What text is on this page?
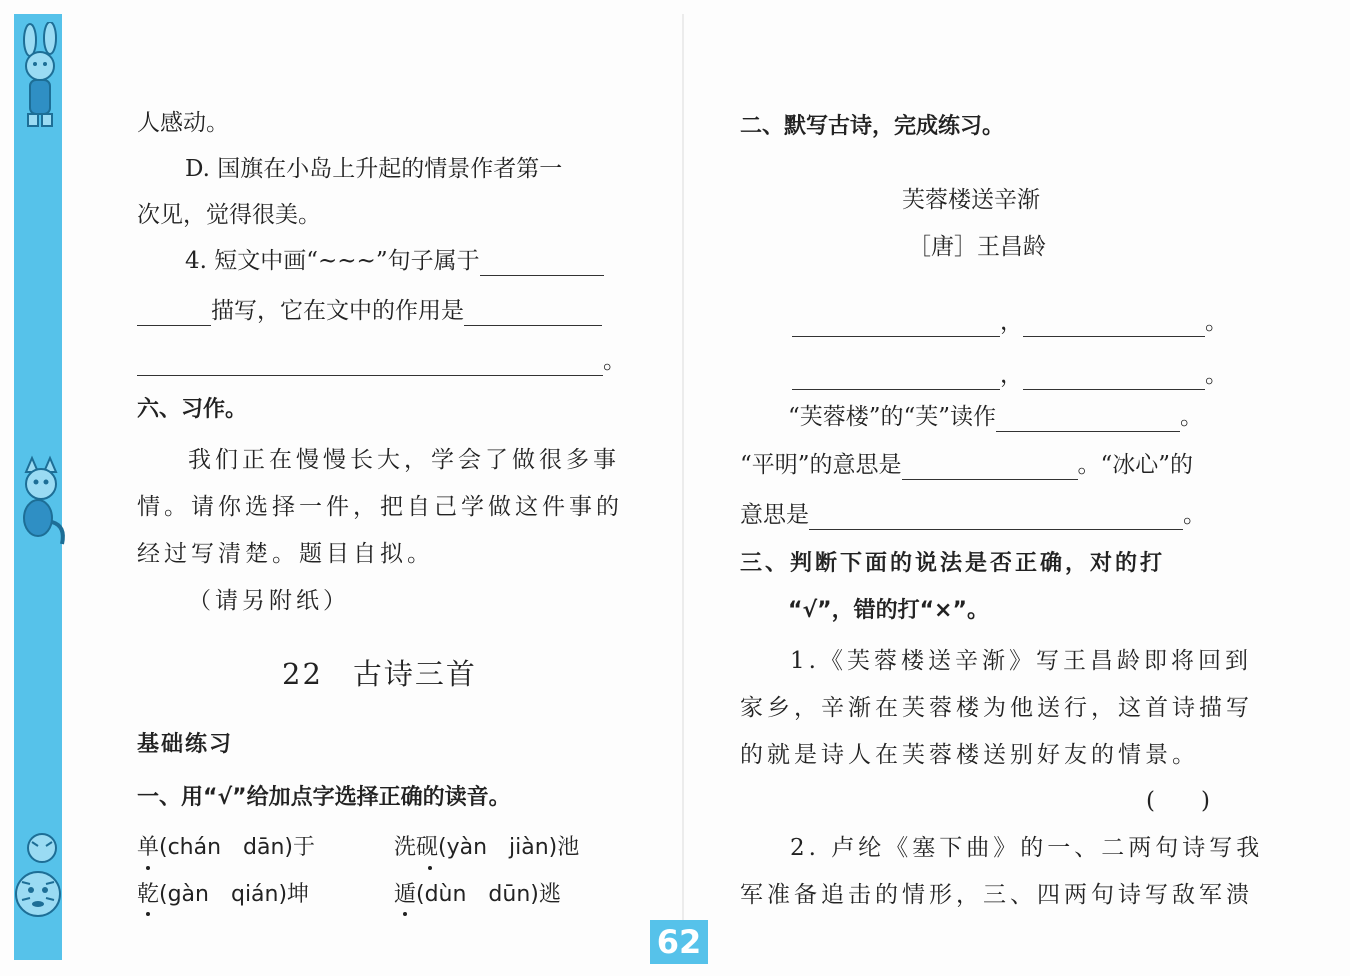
人感动。
D. 国旗在小岛上升起的情景作者第一
次见，觉得很美。
4. 短文中画“~~~”句子属于
描写，它在文中的作用是
。
六、习作。
我们正在慢慢长大，学会了做很多事
情。请你选择一件，把自己学做这件事的
经过写清楚。题目自拟。
（请另附纸）
22 古诗三首
基础练习
一、用“√”给加点字选择正确的读音。
单(chán　dān)于	洗砚(yàn　jiàn)池
乾(gàn　qián)坤	遁(dùn　dūn)逃
二、默写古诗，完成练习。
芙蓉楼送辛渐
［唐］王昌龄
，	。
，	。
“芙蓉楼”的“芙”读作	。
“平明”的意思是	。“冰心”的
意思是	。
三、判断下面的说法是否正确，对的打
“√”，错的打“×”。
1.《芙蓉楼送辛渐》写王昌龄即将回到
家乡，辛渐在芙蓉楼为他送行，这首诗描写
的就是诗人在芙蓉楼送别好友的情景。
(　　)
2. 卢纶《塞下曲》的一、二两句诗写我
军准备追击的情形，三、四两句诗写敌军溃
62
